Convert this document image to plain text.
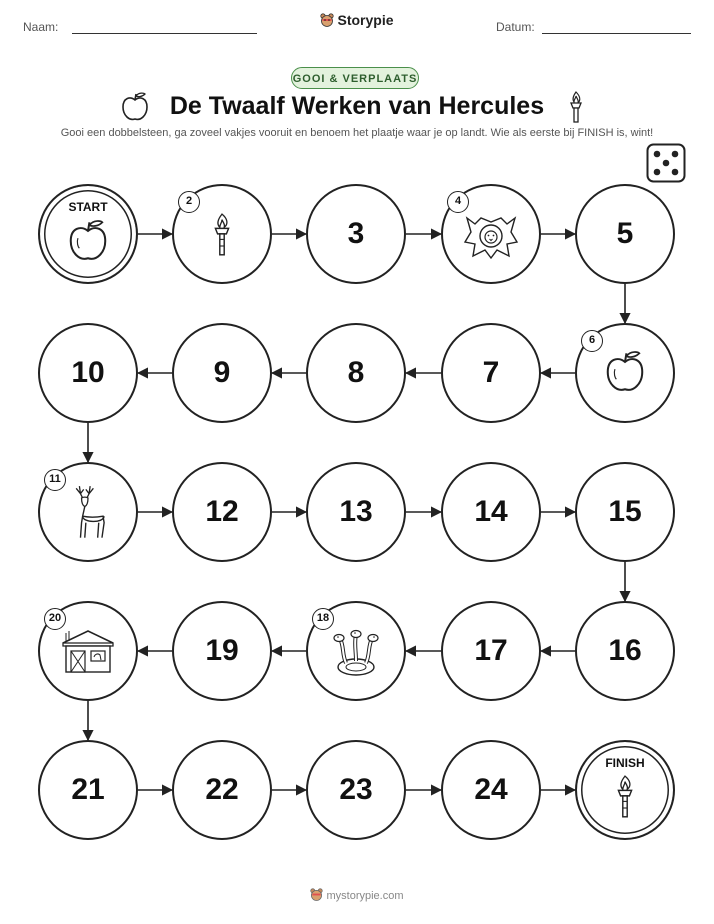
Naam:	Storypie	Datum:
GOOI & VERPLAATS
De Twaalf Werken van Hercules
Gooi een dobbelsteen, ga zoveel vakjes vooruit en benoem het plaatje waar je op landt. Wie als eerste bij FINISH is, wint!
START	2
3
4
5
6
7
8
9
10
11
12	13	14	15
16
17
18
19
20
21	22	23	24
FINISH
mystorypie.com
